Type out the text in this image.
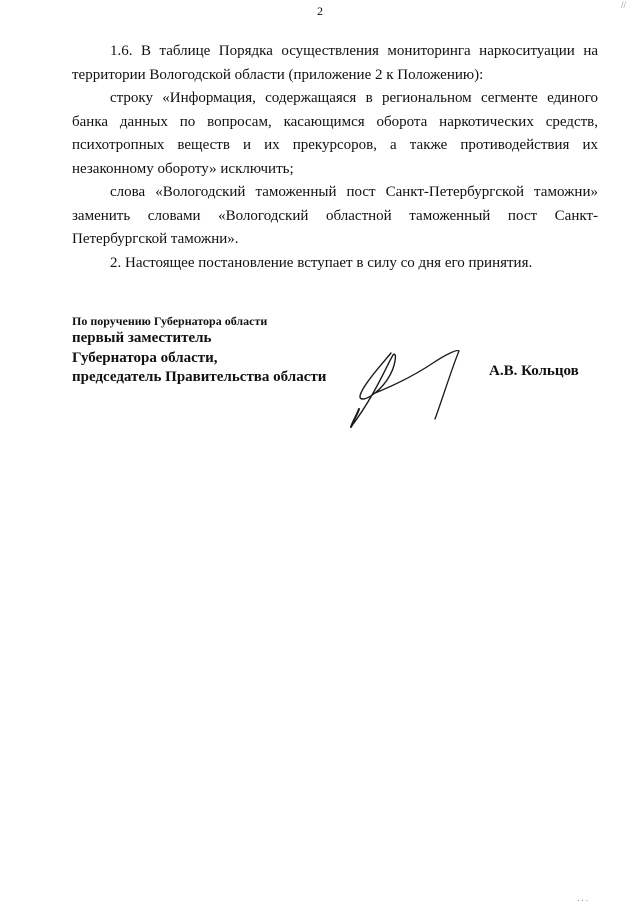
//
2

1.6. В таблице Порядка осуществления мониторинга наркоситуации на территории Вологодской области (приложение 2 к Положению):

строку «Информация, содержащаяся в региональном сегменте единого банка данных по вопросам, касающимся оборота наркотических средств, психотропных веществ и их прекурсоров, а также противодействия их незаконному обороту» исключить;

слова «Вологодский таможенный пост Санкт-Петербургской таможни» заменить словами «Вологодский областной таможенный пост Санкт-Петербургской таможни».

2. Настоящее постановление вступает в силу со дня его принятия.

По поручению Губернатора области
первый заместитель
Губернатора области,
председатель Правительства области	А.В. Кольцов
...
